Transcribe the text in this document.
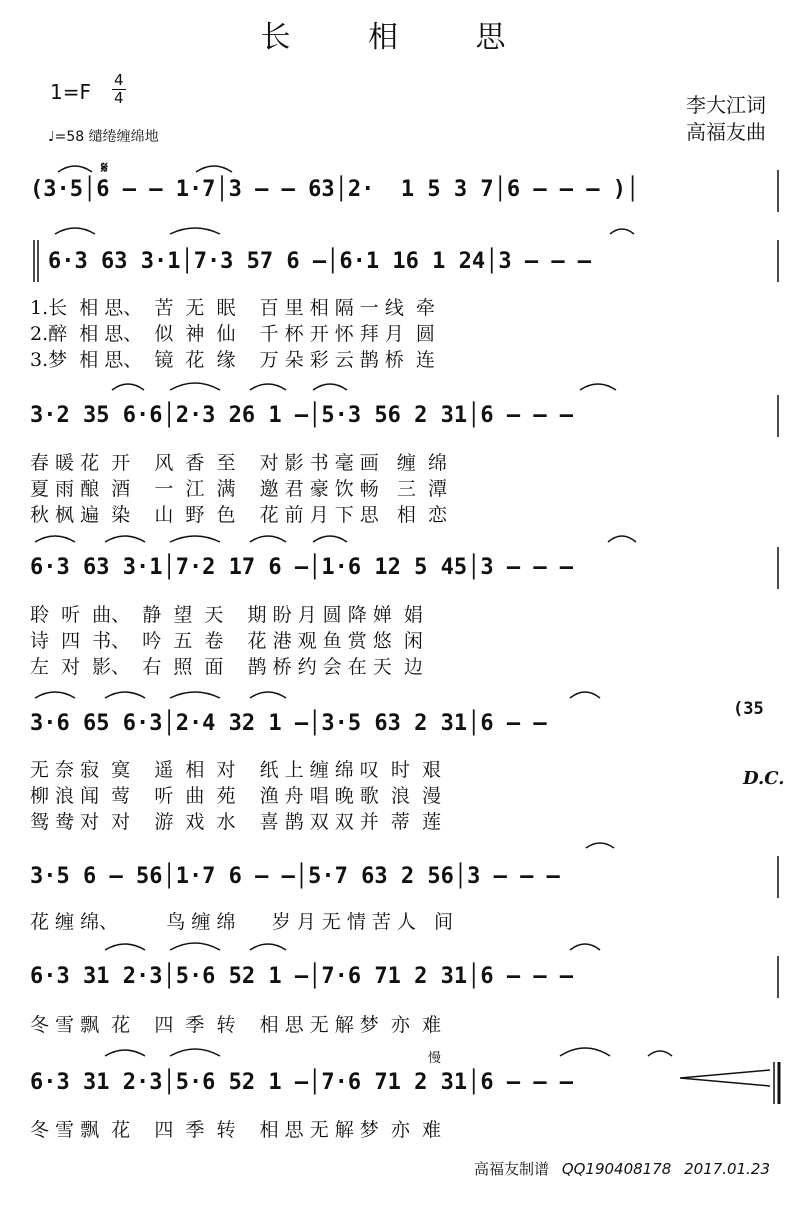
长 相 思
1=F 4
4
♩=58 缱绻缠绵地
李大江词
高福友曲
𝄋
(3·5│6 – – 1·7│3 – – 63│2·  1 5 3 7│6 – – – )│
6·3 63 3·1│7·3 57 6 –│6·1 16 1 24│3 – – –
1.长  相 思、  苦  无  眠    百 里 相 隔 一 线  牵
2.醉  相 思、  似  神  仙    千 杯 开 怀 拜 月  圆
3.梦  相 思、  镜  花  缘    万 朵 彩 云 鹊 桥  连
3·2 35 6·6│2·3 26 1 –│5·3 56 2 31│6 – – –
春 暖 花  开    风  香  至    对 影 书 毫 画   缠  绵
夏 雨 酿  酒    一  江  满    邀 君 豪 饮 畅   三  潭
秋 枫 遍  染    山  野  色    花 前 月 下 思   相  恋
6·3 63 3·1│7·2 17 6 –│1·6 12 5 45│3 – – –
聆  听  曲、  静  望  天    期 盼 月 圆 降 婵  娟
诗  四  书、  吟  五  卷    花 港 观 鱼 赏 悠  闲
左  对  影、  右  照  面    鹊 桥 约 会 在 天  边
3·6 65 6·3│2·4 32 1 –│3·5 63 2 31│6 – –
(35
无 奈 寂  寞    遥  相  对    纸 上 缠 绵 叹  时  艰
柳 浪 闻  莺    听  曲  苑    渔 舟 唱 晚 歌  浪  漫
鸳 鸯 对  对    游  戏  水    喜 鹊 双 双 并  蒂  莲
D.C.
3·5 6 – 56│1·7 6 – –│5·7 63 2 56│3 – – –
花 缠 绵、        鸟 缠 绵      岁 月 无 情 苦 人   间
6·3 31 2·3│5·6 52 1 –│7·6 71 2 31│6 – – –
冬 雪 飘  花    四  季  转    相 思 无 解 梦  亦  难
慢
6·3 31 2·3│5·6 52 1 –│7·6 71 2 31│6 – – –
冬 雪 飘  花    四  季  转    相 思 无 解 梦  亦  难
高福友制谱 QQ190408178 2017.01.23
